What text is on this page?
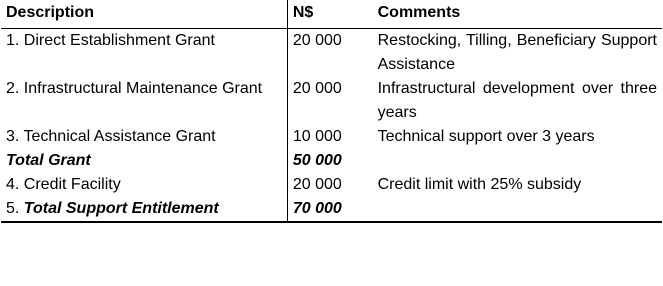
Description	N$	Comments
1. Direct Establishment Grant	20 000	Restocking, Tilling, Beneficiary Support Assistance
2. Infrastructural Maintenance Grant	20 000	Infrastructural development over three years
3. Technical Assistance Grant	10 000	Technical support over 3 years
Total Grant	50 000	
4. Credit Facility	20 000	Credit limit with 25% subsidy
5. Total Support Entitlement	70 000	
